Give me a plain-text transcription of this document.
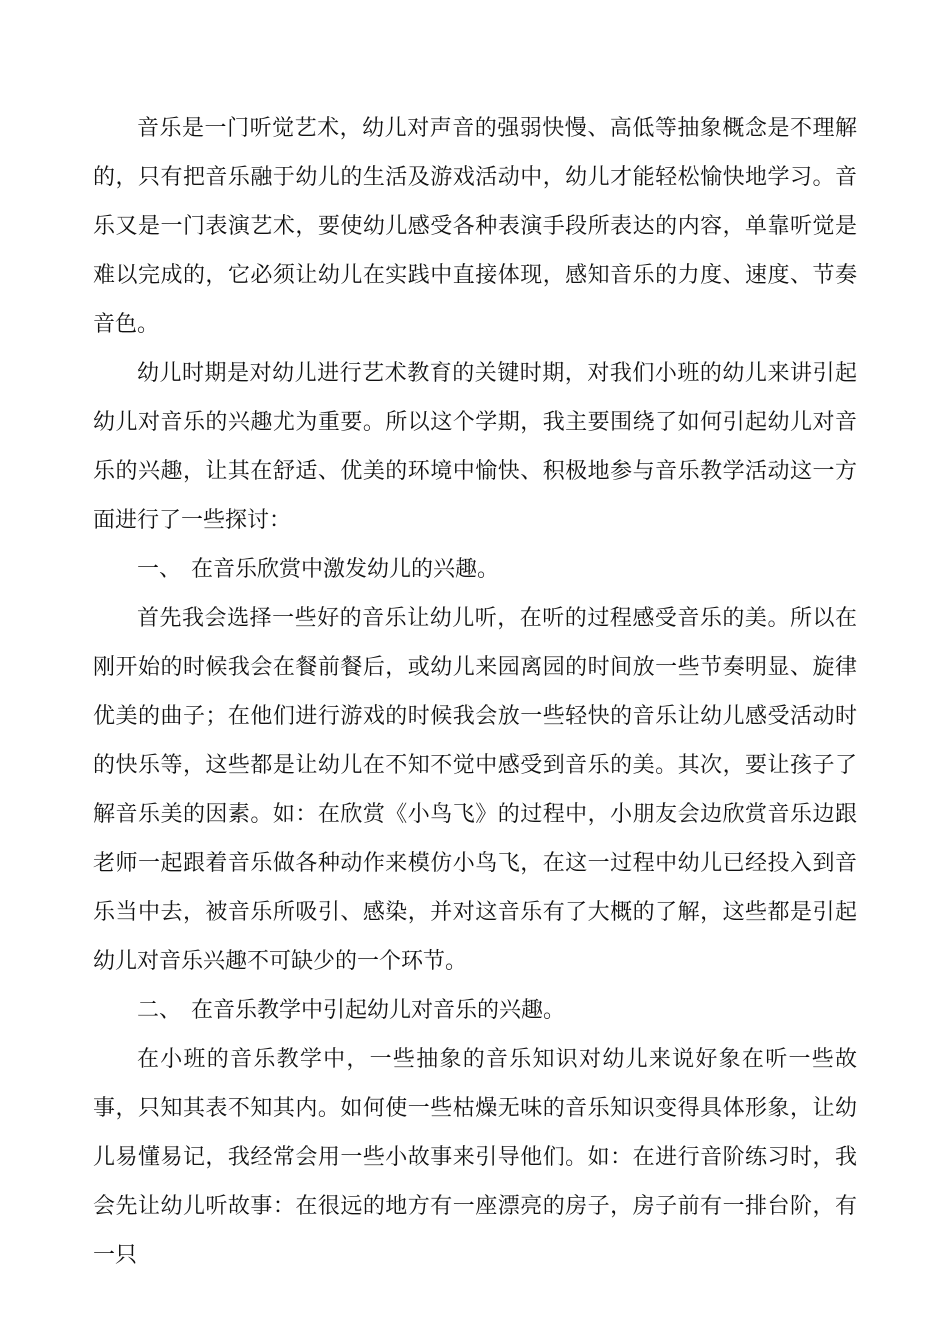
音乐是一门听觉艺术，幼儿对声音的强弱快慢、高低等抽象概念是不理解的，只有把音乐融于幼儿的生活及游戏活动中，幼儿才能轻松愉快地学习。音乐又是一门表演艺术，要使幼儿感受各种表演手段所表达的内容，单靠听觉是难以完成的，它必须让幼儿在实践中直接体现，感知音乐的力度、速度、节奏音色。

幼儿时期是对幼儿进行艺术教育的关键时期，对我们小班的幼儿来讲引起幼儿对音乐的兴趣尤为重要。所以这个学期，我主要围绕了如何引起幼儿对音乐的兴趣，让其在舒适、优美的环境中愉快、积极地参与音乐教学活动这一方面进行了一些探讨：

一、 在音乐欣赏中激发幼儿的兴趣。

首先我会选择一些好的音乐让幼儿听，在听的过程感受音乐的美。所以在刚开始的时候我会在餐前餐后，或幼儿来园离园的时间放一些节奏明显、旋律优美的曲子；在他们进行游戏的时候我会放一些轻快的音乐让幼儿感受活动时的快乐等，这些都是让幼儿在不知不觉中感受到音乐的美。其次，要让孩子了解音乐美的因素。如：在欣赏《小鸟飞》的过程中，小朋友会边欣赏音乐边跟老师一起跟着音乐做各种动作来模仿小鸟飞，在这一过程中幼儿已经投入到音乐当中去，被音乐所吸引、感染，并对这音乐有了大概的了解，这些都是引起幼儿对音乐兴趣不可缺少的一个环节。

二、 在音乐教学中引起幼儿对音乐的兴趣。

在小班的音乐教学中，一些抽象的音乐知识对幼儿来说好象在听一些故事，只知其表不知其内。如何使一些枯燥无味的音乐知识变得具体形象，让幼儿易懂易记，我经常会用一些小故事来引导他们。如：在进行音阶练习时，我会先让幼儿听故事：在很远的地方有一座漂亮的房子，房子前有一排台阶，有一只
